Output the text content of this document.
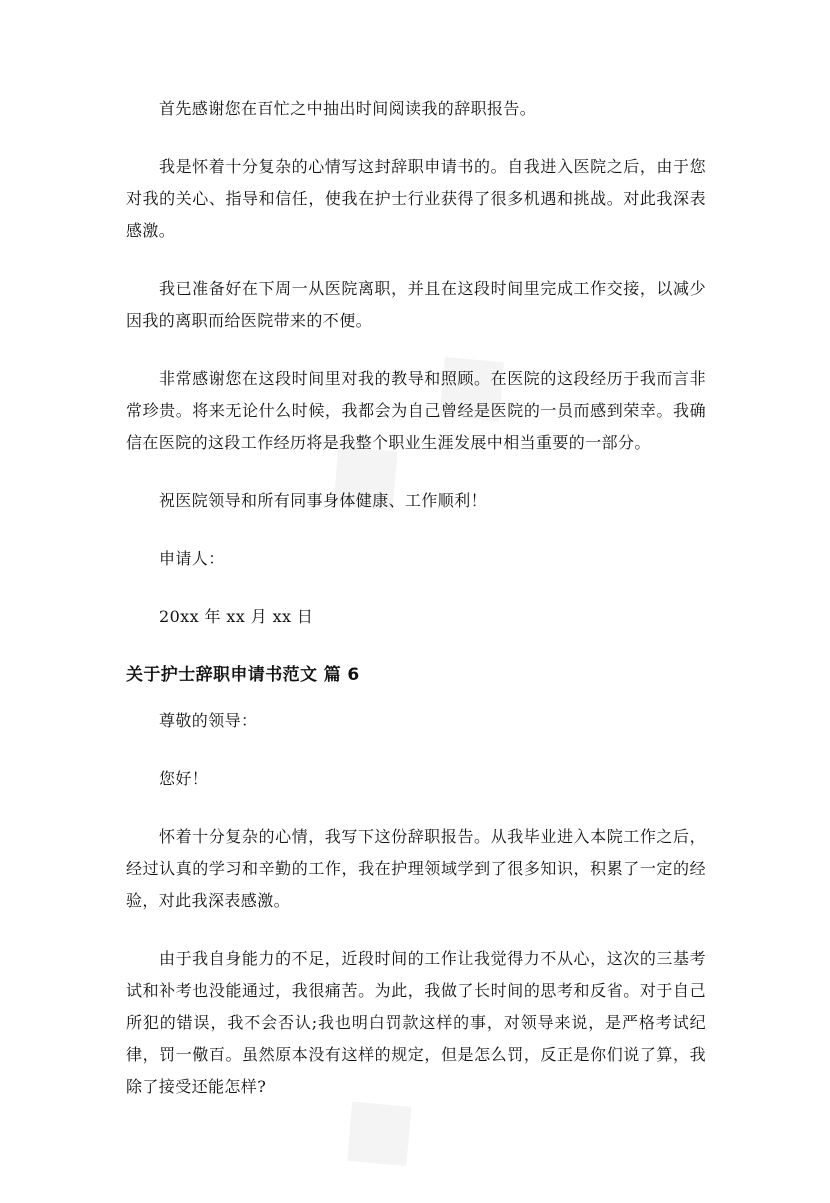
首先感谢您在百忙之中抽出时间阅读我的辞职报告。

我是怀着十分复杂的心情写这封辞职申请书的。自我进入医院之后，由于您对我的关心、指导和信任，使我在护士行业获得了很多机遇和挑战。对此我深表感激。

我已准备好在下周一从医院离职，并且在这段时间里完成工作交接，以减少因我的离职而给医院带来的不便。

非常感谢您在这段时间里对我的教导和照顾。在医院的这段经历于我而言非常珍贵。将来无论什么时候，我都会为自己曾经是医院的一员而感到荣幸。我确信在医院的这段工作经历将是我整个职业生涯发展中相当重要的一部分。

祝医院领导和所有同事身体健康、工作顺利！

申请人：

20xx 年 xx 月 xx 日

关于护士辞职申请书范文 篇 6

尊敬的领导：

您好！

怀着十分复杂的心情，我写下这份辞职报告。从我毕业进入本院工作之后，经过认真的学习和辛勤的工作，我在护理领域学到了很多知识，积累了一定的经验，对此我深表感激。

由于我自身能力的不足，近段时间的工作让我觉得力不从心，这次的三基考试和补考也没能通过，我很痛苦。为此，我做了长时间的思考和反省。对于自己所犯的错误，我不会否认;我也明白罚款这样的事，对领导来说，是严格考试纪律，罚一儆百。虽然原本没有这样的规定，但是怎么罚，反正是你们说了算，我除了接受还能怎样?
